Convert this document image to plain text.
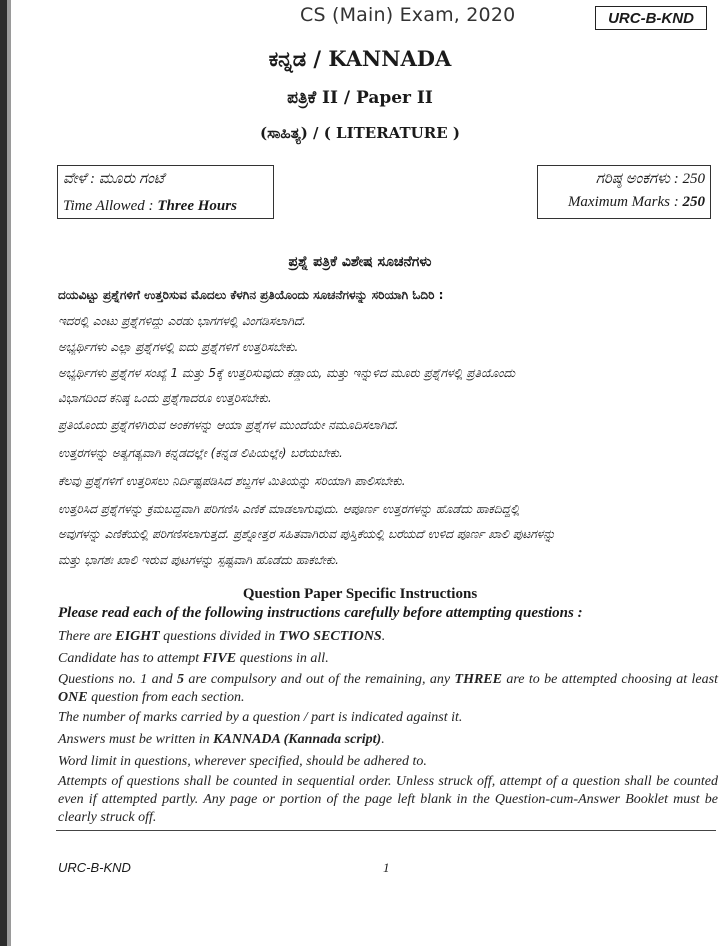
CS (Main) Exam, 2020	URC-B-KND
ಕನ್ನಡ / KANNADA
ಪತ್ರಿಕೆ II / Paper II
(ಸಾಹಿತ್ಯ) / ( LITERATURE )
ವೇಳೆ : ಮೂರು ಗಂಟೆ
Time Allowed : Three Hours
ಗರಿಷ್ಠ ಅಂಕಗಳು : 250
Maximum Marks : 250
ಪ್ರಶ್ನೆ ಪತ್ರಿಕೆ ವಿಶೇಷ ಸೂಚನೆಗಳು
ದಯವಿಟ್ಟು ಪ್ರಶ್ನೆಗಳಿಗೆ ಉತ್ತರಿಸುವ ಮೊದಲು ಕೆಳಗಿನ ಪ್ರತಿಯೊಂದು ಸೂಚನೆಗಳನ್ನು ಸರಿಯಾಗಿ ಓದಿರಿ :
ಇದರಲ್ಲಿ ಎಂಟು ಪ್ರಶ್ನೆಗಳಿದ್ದು ಎರಡು ಭಾಗಗಳಲ್ಲಿ ವಿಂಗಡಿಸಲಾಗಿದೆ.
ಅಭ್ಯರ್ಥಿಗಳು ಎಲ್ಲಾ ಪ್ರಶ್ನೆಗಳಲ್ಲಿ ಐದು ಪ್ರಶ್ನೆಗಳಿಗೆ ಉತ್ತರಿಸಬೇಕು.
ಅಭ್ಯರ್ಥಿಗಳು ಪ್ರಶ್ನೆಗಳ ಸಂಖ್ಯೆ 1 ಮತ್ತು 5ಕ್ಕೆ ಉತ್ತರಿಸುವುದು ಕಡ್ಡಾಯ, ಮತ್ತು ಇನ್ನುಳಿದ ಮೂರು ಪ್ರಶ್ನೆಗಳಲ್ಲಿ ಪ್ರತಿಯೊಂದು
ವಿಭಾಗದಿಂದ ಕನಿಷ್ಠ ಒಂದು ಪ್ರಶ್ನೆಗಾದರೂ ಉತ್ತರಿಸಬೇಕು.
ಪ್ರತಿಯೊಂದು ಪ್ರಶ್ನೆಗಳಿಗಿರುವ ಅಂಕಗಳನ್ನು ಆಯಾ ಪ್ರಶ್ನೆಗಳ ಮುಂದೆಯೇ ನಮೂದಿಸಲಾಗಿದೆ.
ಉತ್ತರಗಳನ್ನು ಅತ್ಯಗತ್ಯವಾಗಿ ಕನ್ನಡದಲ್ಲೇ (ಕನ್ನಡ ಲಿಪಿಯಲ್ಲೇ) ಬರೆಯಬೇಕು.
ಕೆಲವು ಪ್ರಶ್ನೆಗಳಿಗೆ ಉತ್ತರಿಸಲು ನಿರ್ದಿಷ್ಟಪಡಿಸಿದ ಶಬ್ದಗಳ ಮಿತಿಯನ್ನು ಸರಿಯಾಗಿ ಪಾಲಿಸಬೇಕು.
ಉತ್ತರಿಸಿದ ಪ್ರಶ್ನೆಗಳನ್ನು ಕ್ರಮಬದ್ಧವಾಗಿ ಪರಿಗಣಿಸಿ ಎಣಿಕೆ ಮಾಡಲಾಗುವುದು. ಆಪೂರ್ಣ ಉತ್ತರಗಳನ್ನು ಹೊಡೆದು ಹಾಕದಿದ್ದಲ್ಲಿ
ಅವುಗಳನ್ನು ಎಣಿಕೆಯಲ್ಲಿ ಪರಿಗಣಿಸಲಾಗುತ್ತದೆ. ಪ್ರಶ್ನೋತ್ತರ ಸಹಿತವಾಗಿರುವ ಪುಸ್ತಿಕೆಯಲ್ಲಿ ಬರೆಯದೆ ಉಳಿದ ಪೂರ್ಣ ಖಾಲಿ ಪುಟಗಳನ್ನು
ಮತ್ತು ಭಾಗಶಃ ಖಾಲಿ ಇರುವ ಪುಟಗಳನ್ನು ಸ್ಪಷ್ಟವಾಗಿ ಹೊಡೆದು ಹಾಕಬೇಕು.
Question Paper Specific Instructions
Please read each of the following instructions carefully before attempting questions :
There are EIGHT questions divided in TWO SECTIONS.
Candidate has to attempt FIVE questions in all.
Questions no. 1 and 5 are compulsory and out of the remaining, any THREE are to be attempted choosing at least ONE question from each section.
The number of marks carried by a question / part is indicated against it.
Answers must be written in KANNADA (Kannada script).
Word limit in questions, wherever specified, should be adhered to.
Attempts of questions shall be counted in sequential order. Unless struck off, attempt of a question shall be counted even if attempted partly. Any page or portion of the page left blank in the Question-cum-Answer Booklet must be clearly struck off.
URC-B-KND	1
